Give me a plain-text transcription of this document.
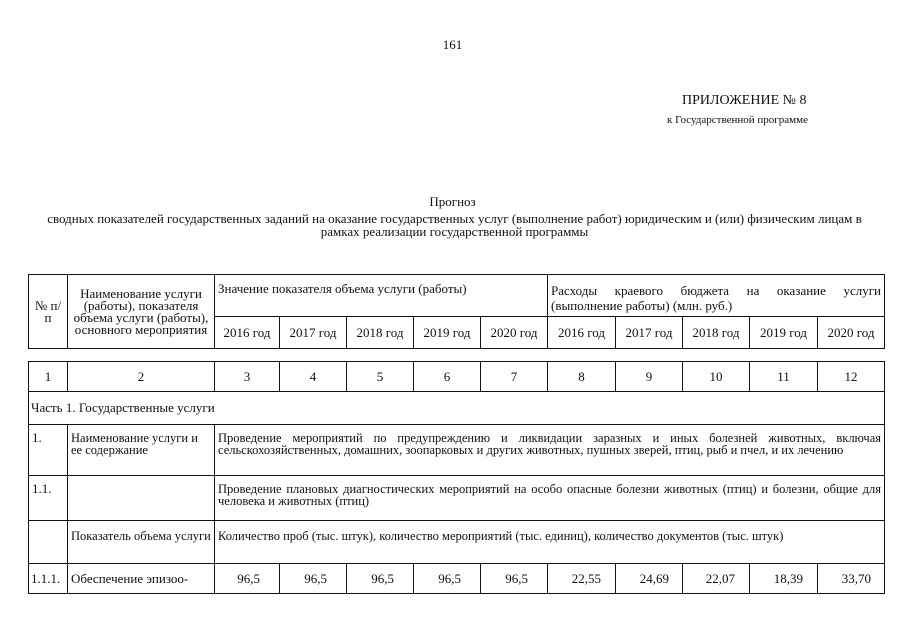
161
ПРИЛОЖЕНИЕ № 8
к Государственной программе
Прогноз
сводных показателей государственных заданий на оказание государственных услуг (выполнение работ) юридическим и (или) физическим лицам в рамках реализации государственной программы
№ п/п	Наименование услуги (работы), показателя объема услуги (работы), основного мероприятия	Значение показателя объема услуги (работы)					Расходы краевого бюджета на оказание услуги (выполнение работы) (млн. руб.)				
		2016 год	2017 год	2018 год	2019 год	2020 год	2016 год	2017 год	2018 год	2019 год	2020 год
1	2	3	4	5	6	7	8	9	10	11	12
Часть 1. Государственные услуги											
1.	Наименование услуги и ее содержание	Проведение мероприятий по предупреждению и ликвидации заразных и иных болезней животных, включая сельскохозяйственных, домашних, зоопарковых и других животных, пушных зверей, птиц, рыб и пчел, и их лечению									
1.1.		Проведение плановых диагностических мероприятий на особо опасные болезни животных (птиц) и болезни, общие для человека и животных (птиц)									
	Показатель объема услуги	Количество проб (тыс. штук), количество мероприятий (тыс. единиц), количество документов (тыс. штук)									
1.1.1.	Обеспечение эпизоо-	96,5	96,5	96,5	96,5	96,5	22,55	24,69	22,07	18,39	33,70
